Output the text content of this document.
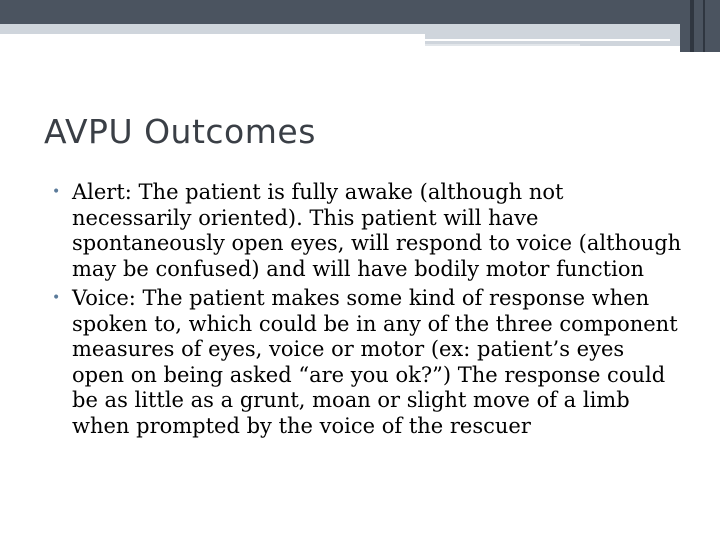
AVPU Outcomes
• Alert: The patient is fully awake (although not necessarily oriented). This patient will have spontaneously open eyes, will respond to voice (although may be confused) and will have bodily motor function
• Voice: The patient makes some kind of response when spoken to, which could be in any of the three component measures of eyes, voice or motor (ex: patient’s eyes open on being asked “are you ok?”) The response could be as little as a grunt, moan or slight move of a limb when prompted by the voice of the rescuer
